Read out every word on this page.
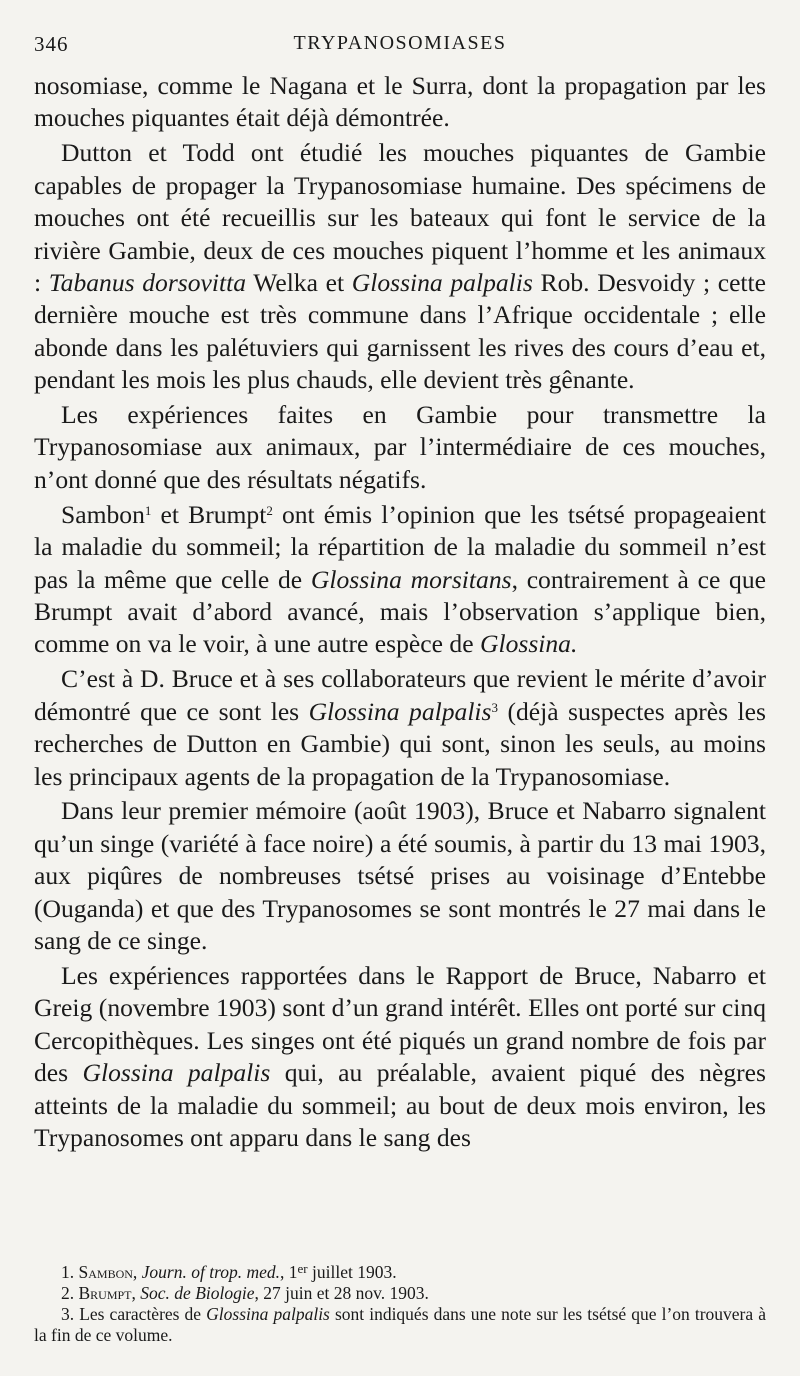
346	TRYPANOSOMIASES

nosomiase, comme le Nagana et le Surra, dont la propagation par les mouches piquantes était déjà démontrée.

Dutton et Todd ont étudié les mouches piquantes de Gambie capables de propager la Trypanosomiase humaine. Des spécimens de mouches ont été recueillis sur les bateaux qui font le service de la rivière Gambie, deux de ces mouches piquent l’homme et les animaux : Tabanus dorsovitta Welka et Glossina palpalis Rob. Desvoidy ; cette dernière mouche est très commune dans l’Afrique occidentale ; elle abonde dans les palétuviers qui garnissent les rives des cours d’eau et, pendant les mois les plus chauds, elle devient très gênante.

Les expériences faites en Gambie pour transmettre la Trypanosomiase aux animaux, par l’intermédiaire de ces mouches, n’ont donné que des résultats négatifs.

Sambon$^1$ et Brumpt$^2$ ont émis l’opinion que les tsétsé propageaient la maladie du sommeil; la répartition de la maladie du sommeil n’est pas la même que celle de Glossina morsitans, contrairement à ce que Brumpt avait d’abord avancé, mais l’observation s’applique bien, comme on va le voir, à une autre espèce de Glossina.

C’est à D. Bruce et à ses collaborateurs que revient le mérite d’avoir démontré que ce sont les Glossina palpalis$^3$ (déjà suspectes après les recherches de Dutton en Gambie) qui sont, sinon les seuls, au moins les principaux agents de la propagation de la Trypanosomiase.

Dans leur premier mémoire (août 1903), Bruce et Nabarro signalent qu’un singe (variété à face noire) a été soumis, à partir du 13 mai 1903, aux piqûres de nombreuses tsétsé prises au voisinage d’Entebbe (Ouganda) et que des Trypanosomes se sont montrés le 27 mai dans le sang de ce singe.

Les expériences rapportées dans le Rapport de Bruce, Nabarro et Greig (novembre 1903) sont d’un grand intérêt. Elles ont porté sur cinq Cercopithèques. Les singes ont été piqués un grand nombre de fois par des Glossina palpalis qui, au préalable, avaient piqué des nègres atteints de la maladie du sommeil; au bout de deux mois environ, les Trypanosomes ont apparu dans le sang des

1. Sambon, Journ. of trop. med., 1er juillet 1903.

2. Brumpt, Soc. de Biologie, 27 juin et 28 nov. 1903.

3. Les caractères de Glossina palpalis sont indiqués dans une note sur les tsétsé que l’on trouvera à la fin de ce volume.
